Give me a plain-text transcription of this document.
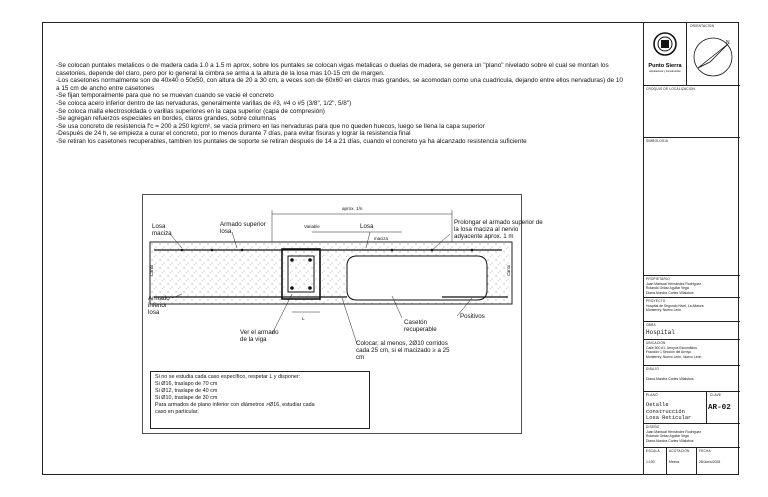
-Se colocan puntales metalicos o de madera cada 1.0 a 1.5 m aprox, sobre los puntales se colocan vigas metalicas o duelas de madera, se genera un "plano" nivelado sobre el cual se montan los casetones, depende del claro, pero por lo general la cimbra se arma a la altura de la losa mas 10-15 cm de margen.

-Los casetones normalmente son de 40x40 o 50x50, con altura de 20 a 30 cm, a veces son de 60x60 en claros mas grandes, se acomodan como una cuadricula, dejando entre ellos nervaduras) de 10 a 15 cm de ancho entre casetones

-Se fijan temporalmente para que no se muevan cuando se vacie el concreto

-Se coloca acero inferior dentro de las nervaduras, generalmente varillas de #3, #4 o #5 (3/8", 1/2", 5/8")

-Se coloca malla electrosoldada o varillas superiores en la capa superior (capa de compresión)

-Se agregan refuerzos especiales en bordes, claros grandes, sobre columnas

-Se usa concreto de resistencia f'c = 200 a 250 kg/cm², se vacia primero en las nervaduras para que no queden huecos, luego se llena la capa superior

-Después de 24 h, se empieza a curar el concreto, por lo menos durante 7 días, para evitar fisuras y lograr la resistencia final

-Se retiran los casetones recuperables, tambien los puntales de soporte se retiran después de 14 a 21 días, cuando el concreto ya ha alcanzado resistencia suficiente

Losa maciza
Armado superior losa
Variable
aprox. 1/n
Losa
maciza
Prolongar el armado superior de la losa maciza al nervio adyacente aprox. 1 m
Canto	Canto
Armado inferior losa
L
Ver el armado de la viga
Colocar, al menos, 2Ø10 corridos cada 25 cm, si el macizado ≥ a 25 cm
Casetón recuperable
Positivos
Si no se estudia cada caso específico, respetar L y disponer:
Si Ø16, traslapo de 70 cm
Si Ø12, traslape de 40 cm
Si Ø10, traslape de 30 cm
Para armados de plano inferior con diámetros >Ø16, estudiar cada
caso en particular.
Punto Sierra
Arquitectura y Construcción
ORIENTACION
N
CROQUIS DE LOCALIZACION
SIMBOLOGIA
PROPIETARIO
Juan Mariscal Hernández Rodríguez
Rolando Ordaz Aguilar Vega
Diana Alondra Cortes Villalobos
PROYECTO
Hospital de Segundo Nivel, La Alianza
Monterrey, Nuevo León
OBRA
Hospital
UBICACION
Calle 500 #1, Arroyos Escondidos
Fracción 1 Sección del Arroyo
Monterrey, Nuevo León, Nuevo León
DIBUJO
Diana Alondra Cortes Villalobos
PLANO
Detalle construcción
Losa Reticular
CLAVE
AR-02
DISEÑO
Juan Mariscal Hernández Rodríguez
Rolando Ordaz Aguilar Vega
Diana Alondra Cortes Villalobos
ESCALA
1:100
ACOTACION
Metros
FECHA
28/Junio/2025
